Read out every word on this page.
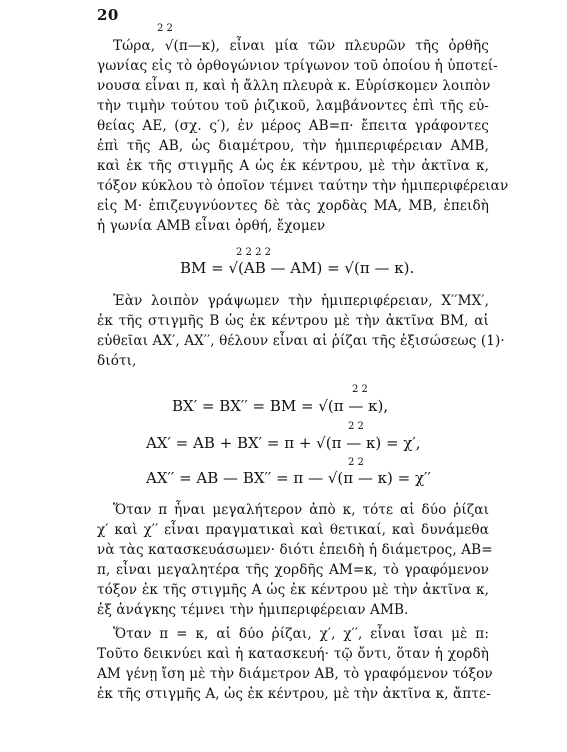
20
2 2
Τώρα, √(π—κ), εἶναι μία τῶν πλευρῶν τῆς ὀρθῆς
γωνίας εἰς τὸ ὀρθογώνιον τρίγωνον τοῦ ὁποίου ἡ ὑποτεί-
νουσα εἶναι π, καὶ ἡ ἄλλη πλευρὰ κ. Εὑρίσκομεν λοιπὸν
τὴν τιμὴν τούτου τοῦ ῥιζικοῦ, λαμβάνοντες ἐπὶ τῆς εὐ-
θείας ΑΕ, (σχ. ς′), ἐν μέρος ΑΒ=π· ἔπειτα γράφοντες
ἐπὶ τῆς ΑΒ, ὡς διαμέτρου, τὴν ἡμιπεριφέρειαν ΑΜΒ,
καὶ ἐκ τῆς στιγμῆς Α ὡς ἐκ κέντρου, μὲ τὴν ἀκτῖνα κ,
τόξον κύκλου τὸ ὁποῖον τέμνει ταύτην τὴν ἡμιπεριφέρειαν
εἰς Μ· ἐπιζευγνύοντες δὲ τὰς χορδὰς ΜΑ, ΜΒ, ἐπειδὴ
ἡ γωνία ΑΜΒ εἶναι ὀρθή, ἔχομεν
2 2 2 2
ΒΜ = √(ΑΒ — ΑΜ) = √(π — κ).
Ἐὰν λοιπὸν γράψωμεν τὴν ἡμιπεριφέρειαν, Χ′′ΜΧ′,
ἐκ τῆς στιγμῆς Β ὡς ἐκ κέντρου μὲ τὴν ἀκτῖνα ΒΜ, αἱ
εὐθεῖαι ΑΧ′, ΑΧ′′, θέλουν εἶναι αἱ ῥίζαι τῆς ἐξισώσεως (1)·
διότι,
2 2
ΒΧ′ = ΒΧ′′ = ΒΜ = √(π — κ),
2 2
ΑΧ′ = ΑΒ + ΒΧ′ = π + √(π — κ) = χ′,
2 2
ΑΧ′′ = ΑΒ — ΒΧ′′ = π — √(π — κ) = χ′′
Ὅταν π ἦναι μεγαλήτερον ἀπὸ κ, τότε αἱ δύο ῥίζαι
χ′ καὶ χ′′ εἶναι πραγματικαὶ καὶ θετικαί, καὶ δυνάμεθα
νὰ τὰς κατασκευάσωμεν· διότι ἐπειδὴ ἡ διάμετρος, ΑΒ=
π, εἶναι μεγαλητέρα τῆς χορδῆς ΑΜ=κ, τὸ γραφόμενον
τόξον ἐκ τῆς στιγμῆς Α ὡς ἐκ κέντρου μὲ τὴν ἀκτῖνα κ,
ἐξ ἀνάγκης τέμνει τὴν ἡμιπεριφέρειαν ΑΜΒ.
Ὅταν π = κ, αἱ δύο ῥίζαι, χ′, χ′′, εἶναι ἴσαι μὲ π:
Τοῦτο δεικνύει καὶ ἡ κατασκευή· τῷ ὄντι, ὅταν ἡ χορδὴ
ΑΜ γένῃ ἴση μὲ τὴν διάμετρον ΑΒ, τὸ γραφόμενον τόξον
ἐκ τῆς στιγμῆς Α, ὡς ἐκ κέντρου, μὲ τὴν ἀκτῖνα κ, ἄπτε-
